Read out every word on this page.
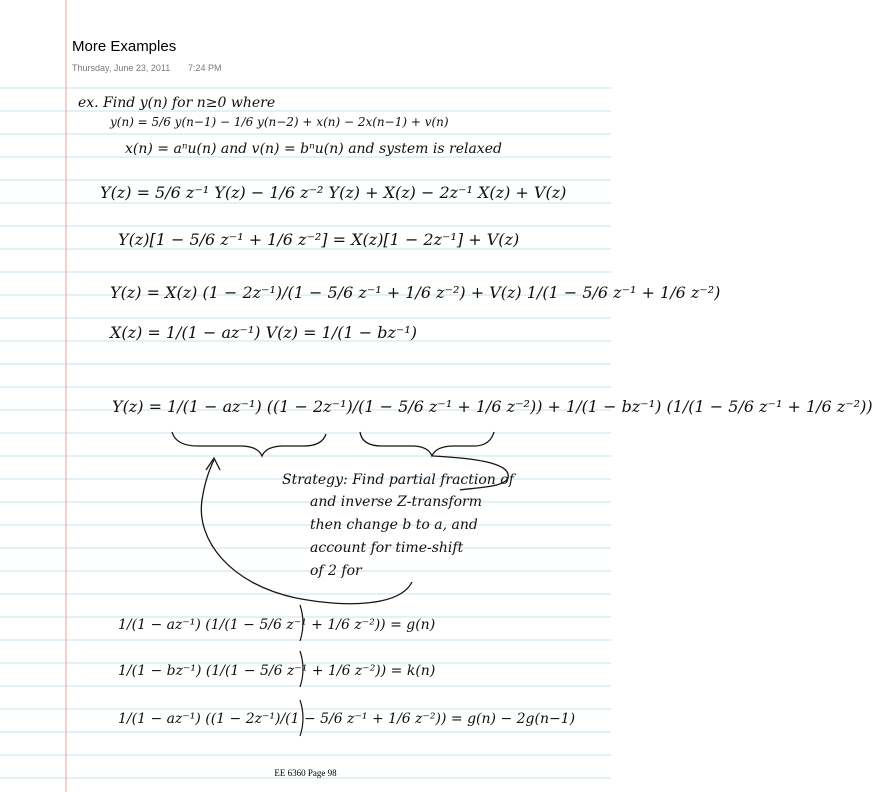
More Examples
Thursday, June 23, 2011 7:24 PM
ex. Find y(n) for n≥0 where
y(n) = 5/6 y(n−1) − 1/6 y(n−2) + x(n) − 2x(n−1) + v(n)
x(n) = aⁿu(n) and v(n) = bⁿu(n) and system is relaxed
Y(z) = 5/6 z⁻¹ Y(z) − 1/6 z⁻² Y(z) + X(z) − 2z⁻¹ X(z) + V(z)
Y(z)[1 − 5/6 z⁻¹ + 1/6 z⁻²] = X(z)[1 − 2z⁻¹] + V(z)
Y(z) = X(z) (1 − 2z⁻¹)/(1 − 5/6 z⁻¹ + 1/6 z⁻²) + V(z) 1/(1 − 5/6 z⁻¹ + 1/6 z⁻²)
X(z) = 1/(1 − az⁻¹) V(z) = 1/(1 − bz⁻¹)
Y(z) = 1/(1 − az⁻¹) ((1 − 2z⁻¹)/(1 − 5/6 z⁻¹ + 1/6 z⁻²)) + 1/(1 − bz⁻¹) (1/(1 − 5/6 z⁻¹ + 1/6 z⁻²))
Strategy: Find partial fraction of
and inverse Z-transform
then change b to a, and
account for time-shift
of 2 for
1/(1 − az⁻¹) (1/(1 − 5/6 z⁻¹ + 1/6 z⁻²)) = g(n)
1/(1 − bz⁻¹) (1/(1 − 5/6 z⁻¹ + 1/6 z⁻²)) = k(n)
1/(1 − az⁻¹) ((1 − 2z⁻¹)/(1 − 5/6 z⁻¹ + 1/6 z⁻²)) = g(n) − 2g(n−1)
EE 6360 Page 98
